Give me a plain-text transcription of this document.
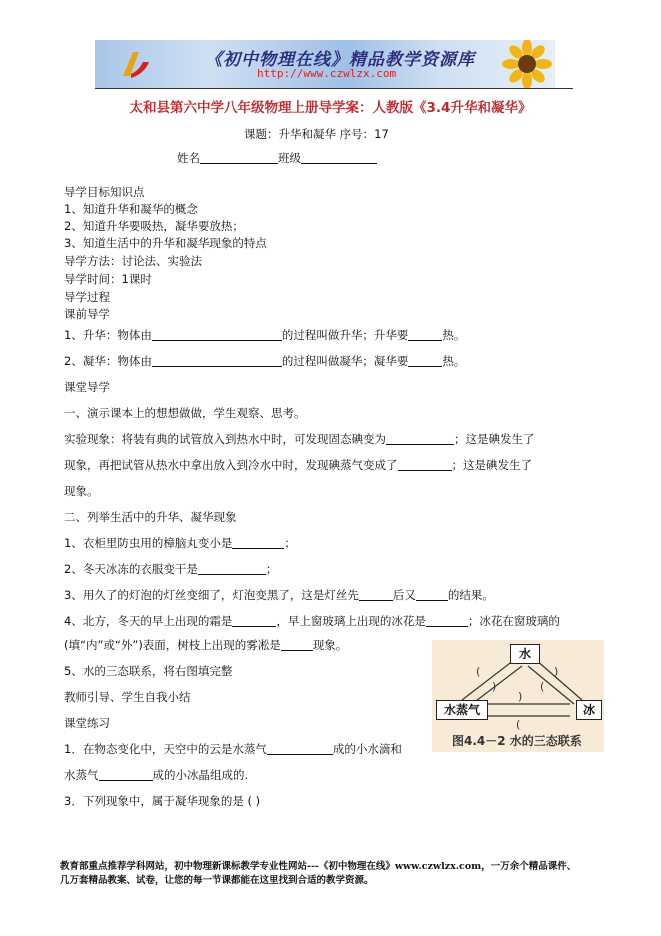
《初中物理在线》精品教学资源库
http://www.czwlzx.com
太和县第六中学八年级物理上册导学案：人教版《3.4升华和凝华》
课题：升华和凝华 序号：17
姓名	班级
导学目标知识点
1、知道升华和凝华的概念
2、知道升华要吸热，凝华要放热；
3、知道生活中的升华和凝华现象的特点
导学方法：讨论法、实验法
导学时间：1课时
导学过程
课前导学
1、升华：物体由	的过程叫做升华；升华要	热。
2、凝华：物体由	的过程叫做凝华；凝华要	热。
课堂导学
一、演示课本上的想想做做，学生观察、思考。
实验现象：将装有典的试管放入到热水中时，可发现固态碘变为	；这是碘发生了
现象，再把试管从热水中拿出放入到冷水中时，发现碘蒸气变成了	；这是碘发生了
现象。
二、列举生活中的升华、凝华现象
1、衣柜里防虫用的樟脑丸变小是	；
2、冬天冰冻的衣服变干是	；
3、用久了的灯泡的灯丝变细了，灯泡变黑了，这是灯丝先	后又	的结果。
4、北方，冬天的早上出现的霜是	，早上窗玻璃上出现的冰花是	；冰花在窗玻璃的
(填“内”或“外”)表面，树枝上出现的雾凇是	现象。
5、水的三态联系，将右图填完整
教师引导、学生自我小结
(
)
)
(
)
(
水
水蒸气	冰
图4.4－2 水的三态联系
课堂练习
1．在物态变化中，天空中的云是水蒸气	成的小水滴和
水蒸气	成的小冰晶组成的.
3．下列现象中，属于凝华现象的是 ( )
教育部重点推荐学科网站，初中物理新课标教学专业性网站---《初中物理在线》www.czwlzx.com，一万余个精品课件、
几万套精品教案、试卷，让您的每一节课都能在这里找到合适的教学资源。
